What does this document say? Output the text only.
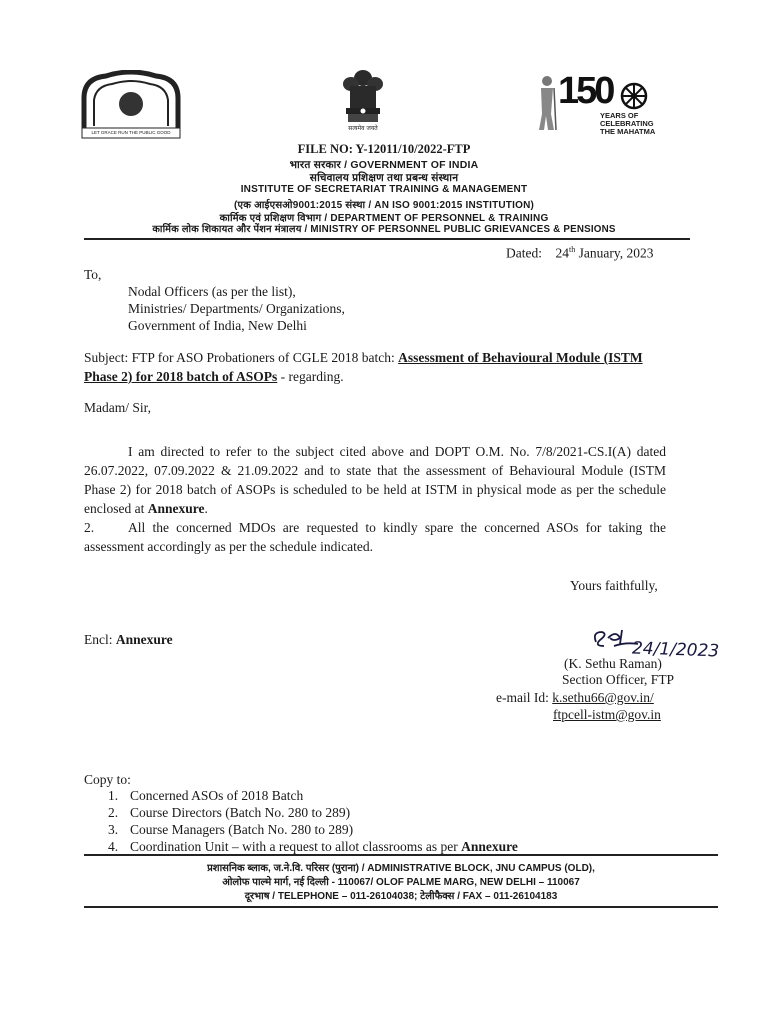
LET GRACE RUN THE PUBLIC GOOD
सत्यमेव जयते
150
YEARS OF
CELEBRATING
THE MAHATMA
FILE NO: Y-12011/10/2022-FTP
भारत सरकार / GOVERNMENT OF INDIA
सचिवालय प्रशिक्षण तथा प्रबन्ध संस्थान
INSTITUTE OF SECRETARIAT TRAINING & MANAGEMENT
(एक आईएसओ9001:2015 संस्था / AN ISO 9001:2015 INSTITUTION)
कार्मिक एवं प्रशिक्षण विभाग / DEPARTMENT OF PERSONNEL & TRAINING
कार्मिक लोक शिकायत और पेंशन मंत्रालय / MINISTRY OF PERSONNEL PUBLIC GRIEVANCES & PENSIONS
Dated: 24th January, 2023
To,
Nodal Officers (as per the list),
Ministries/ Departments/ Organizations,
Government of India, New Delhi
Subject: FTP for ASO Probationers of CGLE 2018 batch: Assessment of Behavioural Module (ISTM Phase 2) for 2018 batch of ASOPs - regarding.
Madam/ Sir,
I am directed to refer to the subject cited above and DOPT O.M. No. 7/8/2021-CS.I(A) dated 26.07.2022, 07.09.2022 & 21.09.2022 and to state that the assessment of Behavioural Module (ISTM Phase 2) for 2018 batch of ASOPs is scheduled to be held at ISTM in physical mode as per the schedule enclosed at Annexure.
2.	All the concerned MDOs are requested to kindly spare the concerned ASOs for taking the assessment accordingly as per the schedule indicated.
Yours faithfully,
Encl: Annexure	24/1/2023
(K. Sethu Raman)
Section Officer, FTP
e-mail Id: k.sethu66@gov.in/
ftpcell-istm@gov.in
Copy to:
1. Concerned ASOs of 2018 Batch
2. Course Directors (Batch No. 280 to 289)
3. Course Managers (Batch No. 280 to 289)
4. Coordination Unit – with a request to allot classrooms as per Annexure
प्रशासनिक ब्लाक, ज.ने.वि. परिसर (पुराना) / ADMINISTRATIVE BLOCK, JNU CAMPUS (OLD),
ओलोफ पाल्मे मार्ग, नई दिल्ली - 110067/ OLOF PALME MARG, NEW DELHI – 110067
दूरभाष / TELEPHONE – 011-26104038; टेलीफैक्स / FAX – 011-26104183
